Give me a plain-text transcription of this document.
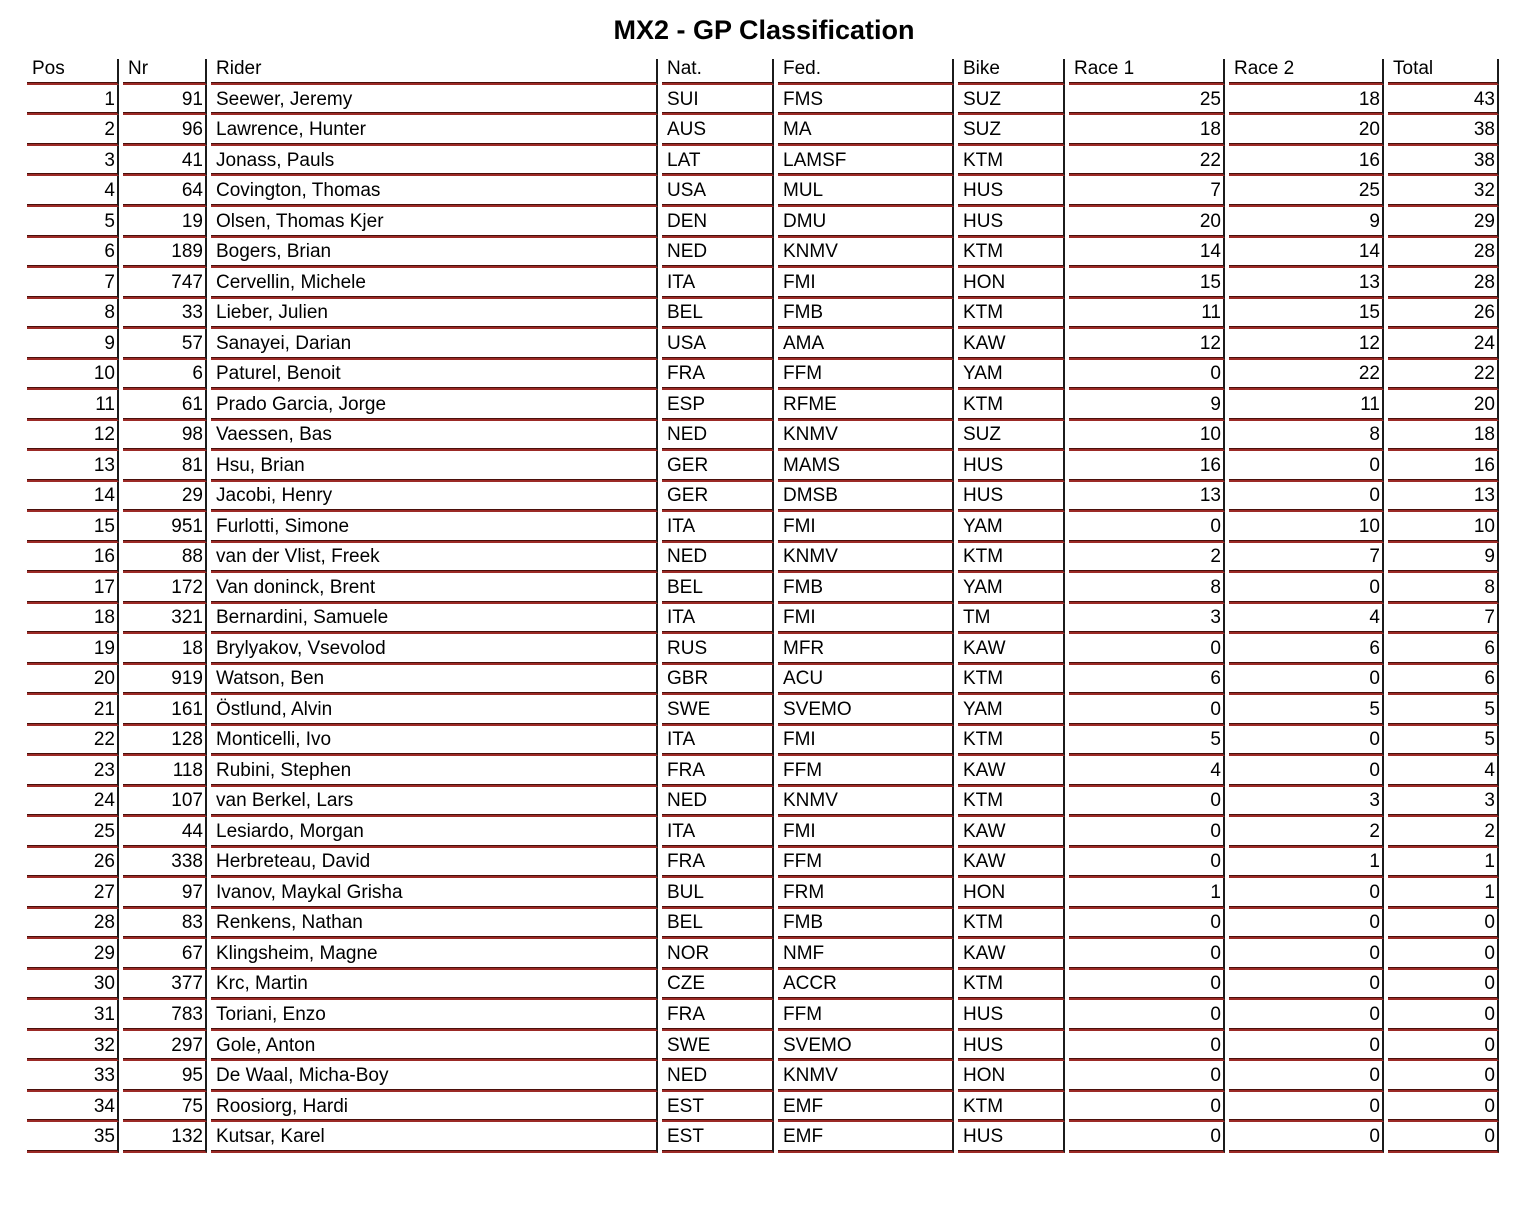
MX2 - GP Classification
Pos	Nr	Rider	Nat.	Fed.	Bike	Race 1	Race 2	Total
1	91	Seewer, Jeremy	SUI	FMS	SUZ	25	18	43
2	96	Lawrence, Hunter	AUS	MA	SUZ	18	20	38
3	41	Jonass, Pauls	LAT	LAMSF	KTM	22	16	38
4	64	Covington, Thomas	USA	MUL	HUS	7	25	32
5	19	Olsen, Thomas Kjer	DEN	DMU	HUS	20	9	29
6	189	Bogers, Brian	NED	KNMV	KTM	14	14	28
7	747	Cervellin, Michele	ITA	FMI	HON	15	13	28
8	33	Lieber, Julien	BEL	FMB	KTM	11	15	26
9	57	Sanayei, Darian	USA	AMA	KAW	12	12	24
10	6	Paturel, Benoit	FRA	FFM	YAM	0	22	22
11	61	Prado Garcia, Jorge	ESP	RFME	KTM	9	11	20
12	98	Vaessen, Bas	NED	KNMV	SUZ	10	8	18
13	81	Hsu, Brian	GER	MAMS	HUS	16	0	16
14	29	Jacobi, Henry	GER	DMSB	HUS	13	0	13
15	951	Furlotti, Simone	ITA	FMI	YAM	0	10	10
16	88	van der Vlist, Freek	NED	KNMV	KTM	2	7	9
17	172	Van doninck, Brent	BEL	FMB	YAM	8	0	8
18	321	Bernardini, Samuele	ITA	FMI	TM	3	4	7
19	18	Brylyakov, Vsevolod	RUS	MFR	KAW	0	6	6
20	919	Watson, Ben	GBR	ACU	KTM	6	0	6
21	161	Östlund, Alvin	SWE	SVEMO	YAM	0	5	5
22	128	Monticelli, Ivo	ITA	FMI	KTM	5	0	5
23	118	Rubini, Stephen	FRA	FFM	KAW	4	0	4
24	107	van Berkel, Lars	NED	KNMV	KTM	0	3	3
25	44	Lesiardo, Morgan	ITA	FMI	KAW	0	2	2
26	338	Herbreteau, David	FRA	FFM	KAW	0	1	1
27	97	Ivanov, Maykal Grisha	BUL	FRM	HON	1	0	1
28	83	Renkens, Nathan	BEL	FMB	KTM	0	0	0
29	67	Klingsheim, Magne	NOR	NMF	KAW	0	0	0
30	377	Krc, Martin	CZE	ACCR	KTM	0	0	0
31	783	Toriani, Enzo	FRA	FFM	HUS	0	0	0
32	297	Gole, Anton	SWE	SVEMO	HUS	0	0	0
33	95	De Waal, Micha-Boy	NED	KNMV	HON	0	0	0
34	75	Roosiorg, Hardi	EST	EMF	KTM	0	0	0
35	132	Kutsar, Karel	EST	EMF	HUS	0	0	0
